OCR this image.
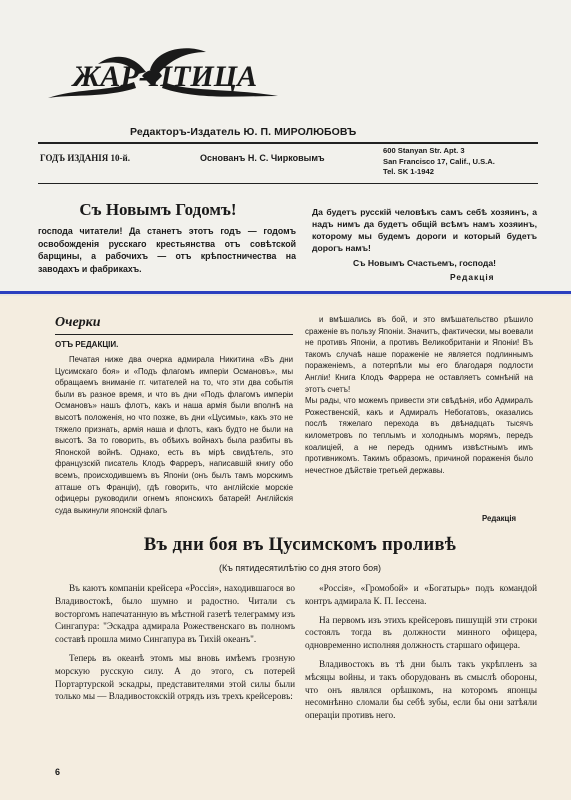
ЖАР-ПТИЦА
Редакторъ-Издатель Ю. П. МИРОЛЮБОВЪ
ГОДЪ ИЗДАНІЯ 10-й.	Основанъ Н. С. Чирковымъ
600 Stanyan Str. Apt. 3
San Francisco 17, Calif., U.S.A.
Tel. SK 1-1942
Съ Новымъ Годомъ!
господа читатели! Да станетъ этотъ годъ — годомъ освобожденія русскаго крестьянства отъ совѣтской барщины, а рабочихъ — отъ крѣпостничества на заводахъ и фабрикахъ.
Да будетъ русскій человѣкъ самъ себѣ хозяинъ, а надъ нимъ да будетъ общій всѣмъ намъ хозяинъ, которому мы будемъ дороги и который будетъ дорогъ намъ!
Съ Новымъ Счастьемъ, господа!
Редакція
Очерки
ОТЪ РЕДАКЦІИ.

Печатая ниже два очерка адмирала Никитина «Въ дни Цусимскаго боя» и «Подъ флагомъ имперіи Османовъ», мы обращаемъ вниманіе гг. читателей на то, что эти два событія были въ разное время, и что въ дни «Подъ флагомъ имперіи Османовъ» нашъ флотъ, какъ и наша армія были вполнѣ на высотѣ положенія, но что позже, въ дни «Цусимы», какъ это не тяжело признать, армія наша и флотъ, какъ будто не были на высотѣ. За то говорить, въ обѣихъ войнахъ была разбиты въ Японской войнѣ. Однако, есть въ мірѣ свидѣтель, это французскій писатель Клодъ Фарреръ, написавшій книгу обо всемъ, происходившемъ въ Японіи (онъ былъ тамъ морскимъ атташе отъ Франціи), гдѣ говорить, что англійскіе морскіе офицеры руководили огнемъ японскихъ батарей! Англійскія суда выкинули японскій флагъ

и вмѣшались въ бой, и это вмѣшательство рѣшило сраженіе въ пользу Японіи. Значитъ, фактически, мы воевали не противъ Японіи, а противъ Великобританіи и Японіи! Въ такомъ случаѣ наше пораженіе не является подлиннымъ пораженіемъ, а потерпѣли мы его благодаря подлости Англіи! Книга Клодъ Фаррера не оставляетъ сомнѣній на этотъ счетъ!
Мы рады, что можемъ привести эти свѣдѣнія, ибо Адмиралъ Рожественскій, какъ и Адмиралъ Небогатовъ, оказались послѣ тяжелаго перехода въ двѣнадцать тысячъ километровъ по теплымъ и холоднымъ морямъ, передъ коалиціей, а не передъ однимъ извѣстнымъ имъ противникомъ. Такимъ образомъ, причиной пораженія было нечестное дѣйствіе третьей державы.

Редакція
Въ дни боя въ Цусимскомъ проливѣ
(Къ пятидесятилѣтію со дня этого боя)

Въ каютъ компаніи крейсера «Россія», находившагося во Владивостокѣ, было шумно и радостно. Читали съ восторгомъ напечатанную въ мѣстной газетѣ телеграмму изъ Сингапура: "Эскадра адмирала Рожественскаго въ полномъ составѣ прошла мимо Сингапура въ Тихій океанъ".

Теперь въ океанѣ этомъ мы вновь имѣемъ грозную морскую русскую силу. А до этого, съ потерей Портартурской эскадры, представителями этой силы были только мы — Владивостокскій отрядъ изъ трехъ крейсеровъ:

«Россія», «Громобой» и «Богатырь» подъ командой контръ адмирала К. П. Іессена.

На первомъ изъ этихъ крейсеровъ пишущій эти строки состоялъ тогда въ должности минного офицера, одновременно исполняя должность старшаго офицера.

Владивостокъ въ тѣ дни былъ такъ укрѣпленъ за мѣсяцы войны, и такъ оборудованъ въ смыслѣ обороны, что онъ являлся орѣшкомъ, на которомъ японцы несомнѣнно сломали бы себѣ зубы, если бы они затѣяли операціи противъ него.

6
